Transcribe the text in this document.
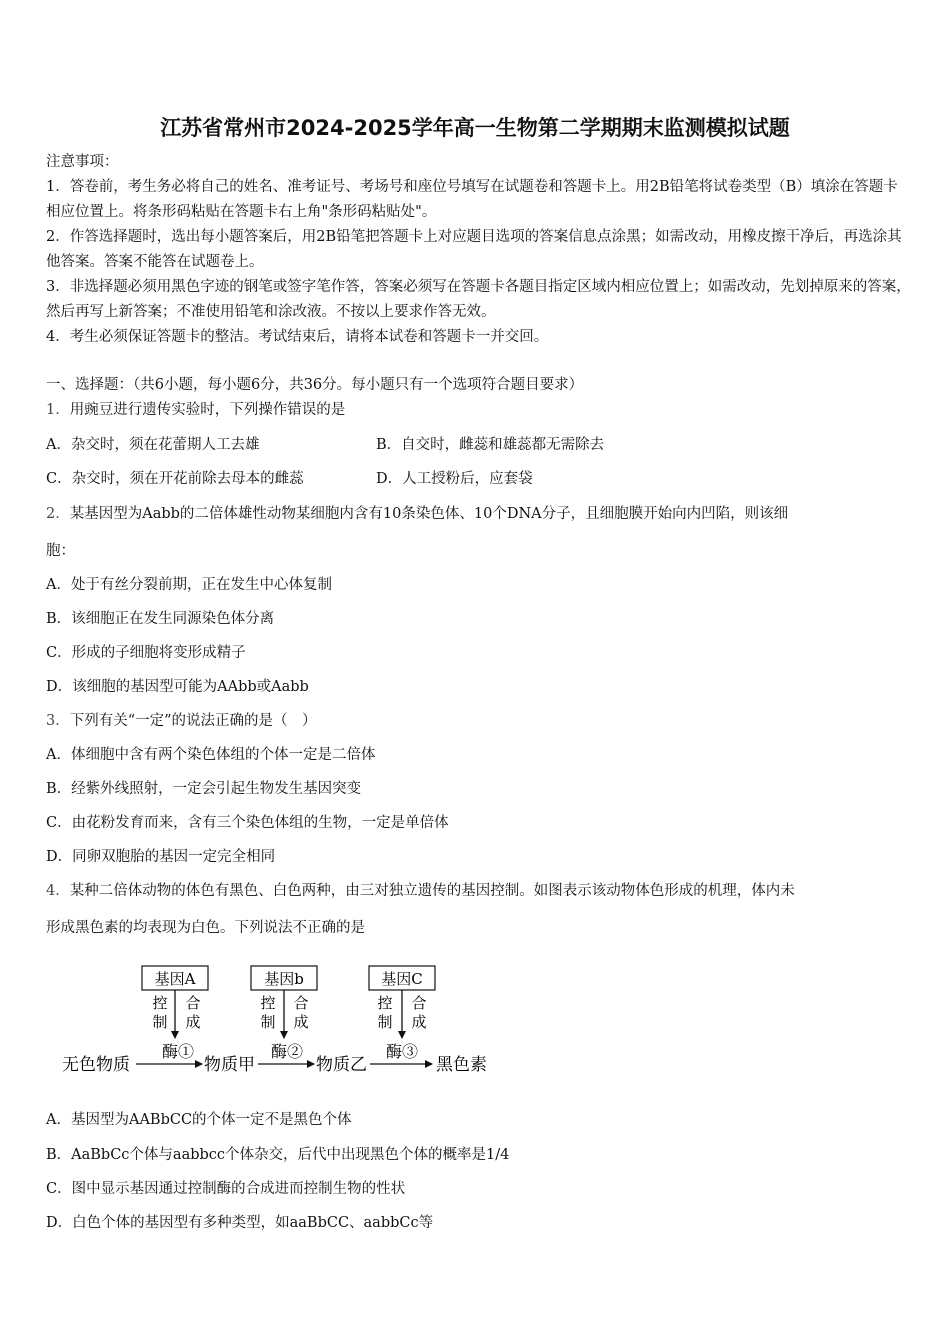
江苏省常州市2024-2025学年高一生物第二学期期末监测模拟试题

注意事项：

1．答卷前，考生务必将自己的姓名、准考证号、考场号和座位号填写在试题卷和答题卡上。用2B铅笔将试卷类型（B）填涂在答题卡相应位置上。将条形码粘贴在答题卡右上角"条形码粘贴处"。

2．作答选择题时，选出每小题答案后，用2B铅笔把答题卡上对应题目选项的答案信息点涂黑；如需改动，用橡皮擦干净后，再选涂其他答案。答案不能答在试题卷上。

3．非选择题必须用黑色字迹的钢笔或签字笔作答，答案必须写在答题卡各题目指定区域内相应位置上；如需改动，先划掉原来的答案，然后再写上新答案；不准使用铅笔和涂改液。不按以上要求作答无效。

4．考生必须保证答题卡的整洁。考试结束后，请将本试卷和答题卡一并交回。

一、选择题：（共6小题，每小题6分，共36分。每小题只有一个选项符合题目要求）
1．用豌豆进行遗传实验时，下列操作错误的是
A．杂交时，须在花蕾期人工去雄	B．自交时，雌蕊和雄蕊都无需除去
C．杂交时，须在开花前除去母本的雌蕊	D．人工授粉后，应套袋
2．某基因型为Aabb的二倍体雄性动物某细胞内含有10条染色体、10个DNA分子，且细胞膜开始向内凹陷，则该细
胞：
A．处于有丝分裂前期，正在发生中心体复制
B．该细胞正在发生同源染色体分离
C．形成的子细胞将变形成精子
D．该细胞的基因型可能为AAbb或Aabb
3．下列有关“一定”的说法正确的是（　）
A．体细胞中含有两个染色体组的个体一定是二倍体
B．经紫外线照射，一定会引起生物发生基因突变
C．由花粉发育而来，含有三个染色体组的生物，一定是单倍体
D．同卵双胞胎的基因一定完全相同
4．某种二倍体动物的体色有黑色、白色两种，由三对独立遗传的基因控制。如图表示该动物体色形成的机理，体内未
形成黑色素的均表现为白色。下列说法不正确的是
基因A
控
制
合
成
基因b
控
制
合
成
基因C
控
制
合
成
酶①	酶②	酶③
无色物质	物质甲	物质乙	黑色素
A．基因型为AABbCC的个体一定不是黑色个体
B．AaBbCc个体与aabbcc个体杂交，后代中出现黑色个体的概率是1/4
C．图中显示基因通过控制酶的合成进而控制生物的性状
D．白色个体的基因型有多种类型，如aaBbCC、aabbCc等
